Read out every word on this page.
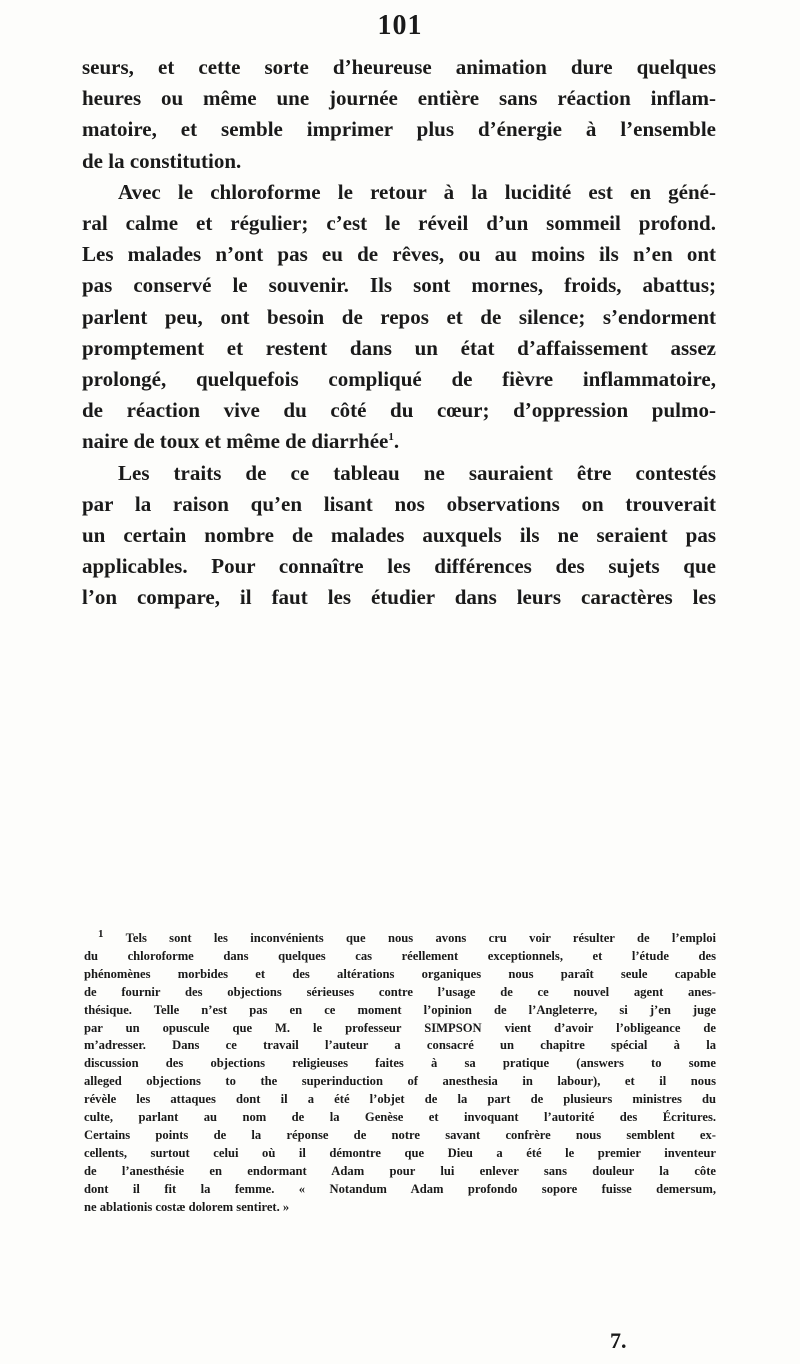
101
seurs, et cette sorte d’heureuse animation dure quelques
heures ou même une journée entière sans réaction inflam-
matoire, et semble imprimer plus d’énergie à l’ensemble
de la constitution.
Avec le chloroforme le retour à la lucidité est en géné-
ral calme et régulier; c’est le réveil d’un sommeil profond.
Les malades n’ont pas eu de rêves, ou au moins ils n’en ont
pas conservé le souvenir. Ils sont mornes, froids, abattus;
parlent peu, ont besoin de repos et de silence; s’endorment
promptement et restent dans un état d’affaissement assez
prolongé, quelquefois compliqué de fièvre inflammatoire,
de réaction vive du côté du cœur; d’oppression pulmo-
naire de toux et même de diarrhée$^1$.
Les traits de ce tableau ne sauraient être contestés
par la raison qu’en lisant nos observations on trouverait
un certain nombre de malades auxquels ils ne seraient pas
applicables. Pour connaître les différences des sujets que
l’on compare, il faut les étudier dans leurs caractères les
$^1$ Tels sont les inconvénients que nous avons cru voir résulter de l’emploi
du chloroforme dans quelques cas réellement exceptionnels, et l’étude des
phénomènes morbides et des altérations organiques nous paraît seule capable
de fournir des objections sérieuses contre l’usage de ce nouvel agent anes-
thésique. Telle n’est pas en ce moment l’opinion de l’Angleterre, si j’en juge
par un opuscule que M. le professeur SIMPSON vient d’avoir l’obligeance de
m’adresser. Dans ce travail l’auteur a consacré un chapitre spécial à la
discussion des objections religieuses faites à sa pratique (answers to some
alleged objections to the superinduction of anesthesia in labour), et il nous
révèle les attaques dont il a été l’objet de la part de plusieurs ministres du
culte, parlant au nom de la Genèse et invoquant l’autorité des Écritures.
Certains points de la réponse de notre savant confrère nous semblent ex-
cellents, surtout celui où il démontre que Dieu a été le premier inventeur
de l’anesthésie en endormant Adam pour lui enlever sans douleur la côte
dont il fit la femme. « Notandum Adam profondo sopore fuisse demersum,
ne ablationis costæ dolorem sentiret. »
7.
